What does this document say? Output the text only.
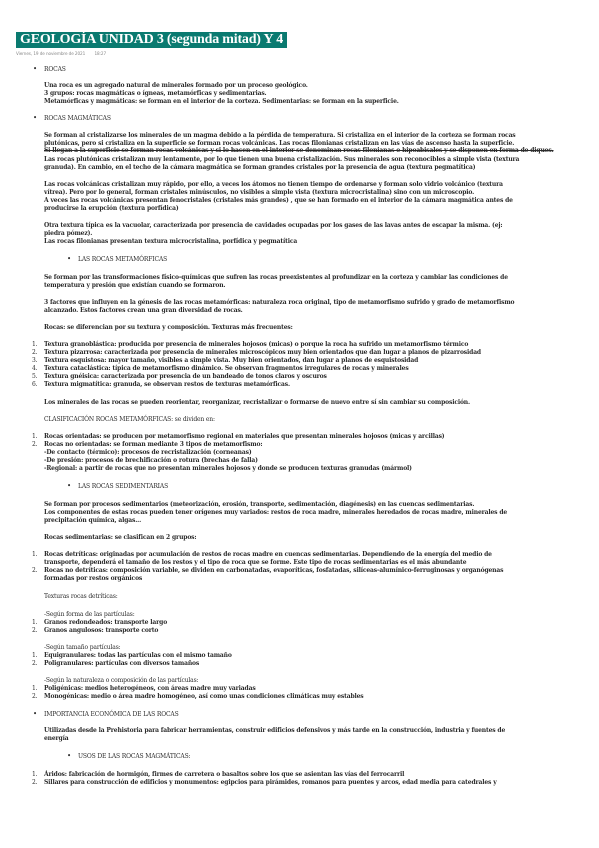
GEOLOGÍA UNIDAD 3 (segunda mitad) Y 4
Viernes, 19 de noviembre de 2021 18:27
• ROCAS
Una roca es un agregado natural de minerales formado por un proceso geológico.
3 grupos: rocas magmáticas o ígneas, metamórficas y sedimentarias.
Metamórficas y magmáticas: se forman en el interior de la corteza. Sedimentarias: se forman en la superficie.
• ROCAS MAGMÁTICAS
Se forman al cristalizarse los minerales de un magma debido a la pérdida de temperatura. Si cristaliza en el interior de la corteza se forman rocas
plutónicas, pero si cristaliza en la superficie se forman rocas volcánicas. Las rocas filonianas cristalizan en las vías de ascenso hasta la superficie.
Si llegan a la superficie se forman rocas volcánicas y si lo hacen en el interior se denominan rocas filonianas o hipoabisales y se disponen en forma de diques.
Las rocas plutónicas cristalizan muy lentamente, por lo que tienen una buena cristalización. Sus minerales son reconocibles a simple vista (textura
granuda). En cambio, en el techo de la cámara magmática se forman grandes cristales por la presencia de agua (textura pegmatítica)
Las rocas volcánicas cristalizan muy rápido, por ello, a veces los átomos no tienen tiempo de ordenarse y forman solo vidrio volcánico (textura
vítrea). Pero por lo general, forman cristales minúsculos, no visibles a simple vista (textura microcristalina) sino con un microscopio.
A veces las rocas volcánicas presentan fenocristales (cristales más grandes) , que se han formado en el interior de la cámara magmática antes de
producirse la erupción (textura porfídica)
Otra textura típica es la vacuolar, caracterizada por presencia de cavidades ocupadas por los gases de las lavas antes de escapar la misma. (ej:
piedra pómez).
Las rocas filonianas presentan textura microcristalina, porfídica y pegmatítica
• LAS ROCAS METAMÓRFICAS
Se forman por las transformaciones físico-químicas que sufren las rocas preexistentes al profundizar en la corteza y cambiar las condiciones de
temperatura y presión que existían cuando se formaron.
3 factores que influyen en la génesis de las rocas metamórficas: naturaleza roca original, tipo de metamorfismo sufrido y grado de metamorfismo
alcanzado. Estos factores crean una gran diversidad de rocas.
Rocas: se diferencian por su textura y composición. Texturas más frecuentes:
1. Textura granoblástica: producida por presencia de minerales hojosos (micas) o porque la roca ha sufrido un metamorfismo térmico
2. Textura pizarrosa: caracterizada por presencia de minerales microscópicos muy bien orientados que dan lugar a planos de pizarrosidad
3. Textura esquistosa: mayor tamaño, visibles a simple vista. Muy bien orientados, dan lugar a planos de esquistosidad
4. Textura cataclástica: típica de metamorfismo dinámico. Se observan fragmentos irregulares de rocas y minerales
5. Textura gnéisica: caracterizada por presencia de un bandeado de tonos claros y oscuros
6. Textura migmatítica: granuda, se observan restos de texturas metamórficas.
Los minerales de las rocas se pueden reorientar, reorganizar, recristalizar o formarse de nuevo entre sí sin cambiar su composición.
CLASIFICACIÓN ROCAS METAMÓRFICAS: se dividen en:
1. Rocas orientadas: se producen por metamorfismo regional en materiales que presentan minerales hojosos (micas y arcillas)
2. Rocas no orientadas: se forman mediante 3 tipos de metamorfismo:
-De contacto (térmico): procesos de recristalización (corneanas)
-De presión: procesos de brechificación o rotura (brechas de falla)
-Regional: a partir de rocas que no presentan minerales hojosos y donde se producen texturas granudas (mármol)
• LAS ROCAS SEDIMENTARIAS
Se forman por procesos sedimentarios (meteorización, erosión, transporte, sedimentación, diagénesis) en las cuencas sedimentarias.
Los componentes de estas rocas pueden tener orígenes muy variados: restos de roca madre, minerales heredados de rocas madre, minerales de
precipitación química, algas...
Rocas sedimentarias: se clasifican en 2 grupos:
1. Rocas detríticas: originadas por acumulación de restos de rocas madre en cuencas sedimentarias. Dependiendo de la energía del medio de
transporte, dependerá el tamaño de los restos y el tipo de roca que se forme. Este tipo de rocas sedimentarias es el más abundante
2. Rocas no detríticas: composición variable, se dividen en carbonatadas, evaporíticas, fosfatadas, silíceas-alumínico-ferruginosas y organógenas
formadas por restos orgánicos
Texturas rocas detríticas:
-Según forma de las partículas:
1. Granos redondeados: transporte largo
2. Granos angulosos: transporte corto
-Según tamaño partículas:
1. Equigranulares: todas las partículas con el mismo tamaño
2. Poligranulares: partículas con diversos tamaños
-Según la naturaleza o composición de las partículas:
1. Poligénicas: medios heterogéneos, con áreas madre muy variadas
2. Monogénicas: medio o área madre homogéneo, así como unas condiciones climáticas muy estables
• IMPORTANCIA ECONÓMICA DE LAS ROCAS
Utilizadas desde la Prehistoria para fabricar herramientas, construir edificios defensivos y más tarde en la construcción, industria y fuentes de
energía
• USOS DE LAS ROCAS MAGMÁTICAS:
1. Áridos: fabricación de hormigón, firmes de carretera o basaltos sobre los que se asientan las vías del ferrocarril
2. Sillares para construcción de edificios y monumentos: egipcios para pirámides, romanos para puentes y arcos, edad media para catedrales y
